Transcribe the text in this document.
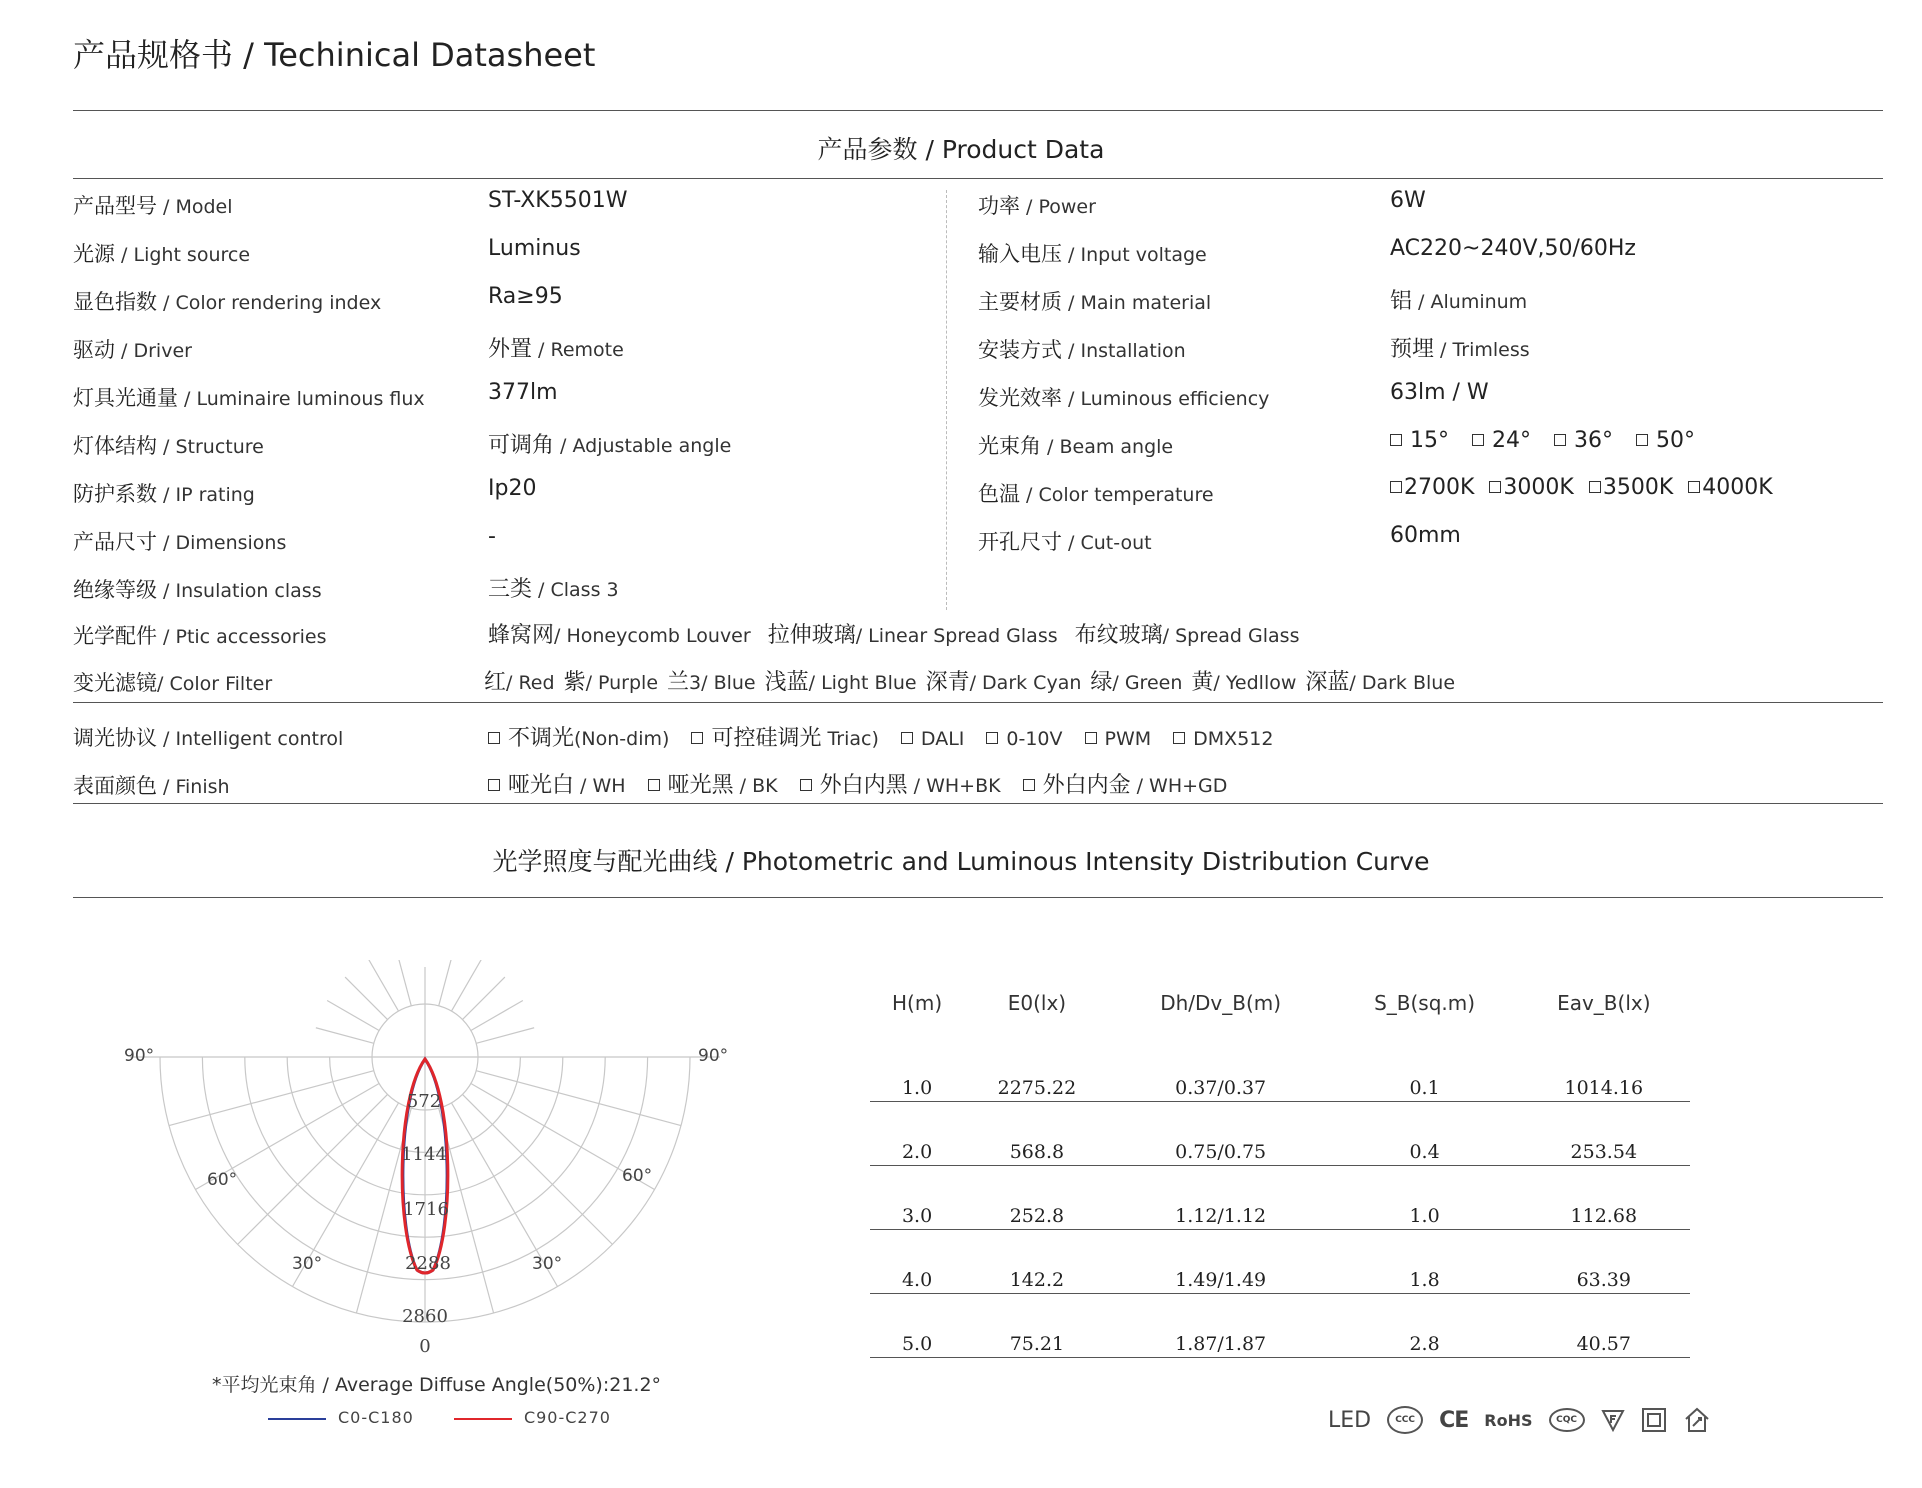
产品规格书 / Techinical Datasheet
产品参数 / Product Data
产品型号 / Model	ST-XK5501W
光源 / Light source	Luminus
显色指数 / Color rendering index	Ra≥95
驱动 / Driver	外置 / Remote
灯具光通量 / Luminaire luminous flux	377lm
灯体结构 / Structure	可调角 / Adjustable angle
防护系数 / IP rating	Ip20
产品尺寸 / Dimensions	-
绝缘等级 / Insulation class	三类 / Class 3
功率 / Power	6W
输入电压 / Input voltage	AC220~240V,50/60Hz
主要材质 / Main material	铝 / Aluminum
安装方式 / Installation	预埋 / Trimless
发光效率 / Luminous efficiency	63lm / W
光束角 / Beam angle	15° 24° 36° 50°
色温 / Color temperature	2700K 3000K 3500K 4000K
开孔尺寸 / Cut-out	60mm
光学配件 / Ptic accessories	蜂窝网/ Honeycomb Louver 拉伸玻璃/ Linear Spread Glass 布纹玻璃/ Spread Glass
变光滤镜/ Color Filter	红/ Red 紫/ Purple 兰3/ Blue 浅蓝/ Light Blue 深青/ Dark Cyan 绿/ Green 黄/ Yedllow 深蓝/ Dark Blue
调光协议 / Intelligent control	不调光(Non-dim) 可控硅调光 Triac) DALI 0-10V PWM DMX512
表面颜色 / Finish	哑光白 / WH 哑光黑 / BK 外白内黑 / WH+BK 外白内金 / WH+GD
光学照度与配光曲线 / Photometric and Luminous Intensity Distribution Curve
90°	90°
60°	60°
30°	30°
572
1144
1716
2288
2860
0
*平均光束角 / Average Diffuse Angle(50%):21.2°
C0-C180	C90-C270
H(m)	E0(lx)	Dh/Dv_B(m)	S_B(sq.m)	Eav_B(lx)
1.0	2275.22	0.37/0.37	0.1	1014.16
2.0	568.8	0.75/0.75	0.4	253.54
3.0	252.8	1.12/1.12	1.0	112.68
4.0	142.2	1.49/1.49	1.8	63.39
5.0	75.21	1.87/1.87	2.8	40.57
LED	CCC	CE RoHS	CQC
